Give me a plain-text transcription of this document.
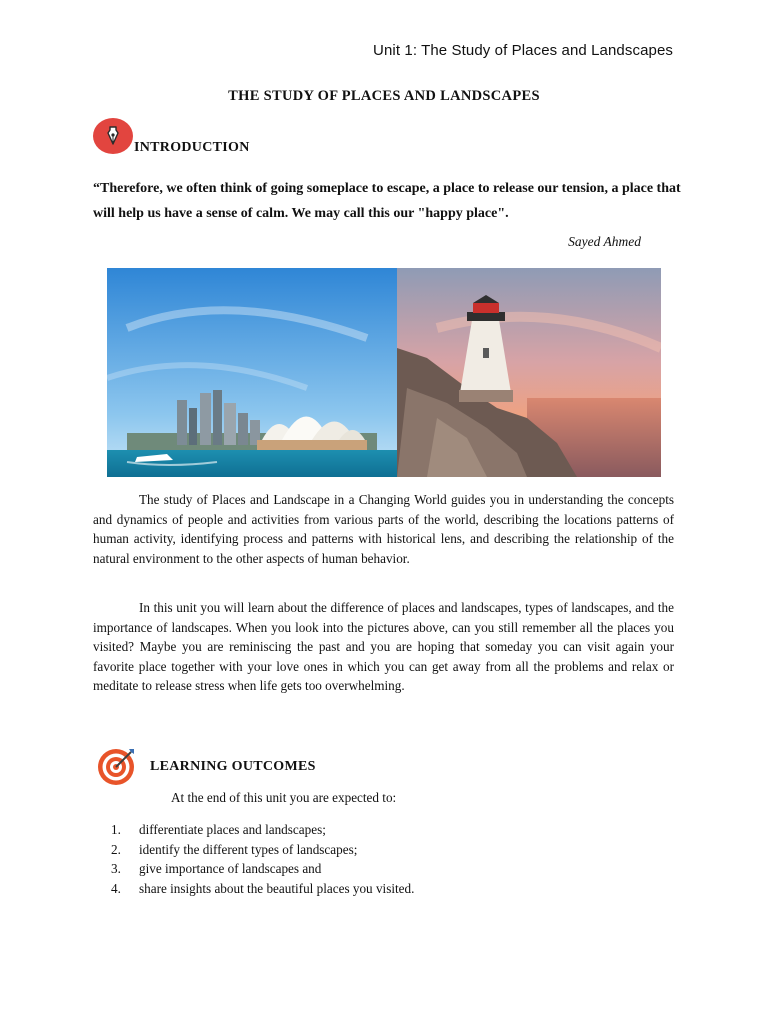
Unit 1: The Study of Places and Landscapes
THE STUDY OF PLACES AND LANDSCAPES
INTRODUCTION
“Therefore, we often think of going someplace to escape, a place to release our tension, a place that will help us have a sense of calm. We may call this our "happy place".
Sayed Ahmed

The study of Places and Landscape in a Changing World guides you in understanding the concepts and dynamics of people and activities from various parts of the world, describing the locations patterns of human activity, identifying process and patterns with historical lens, and describing the relationship of the natural environment to the other aspects of human behavior.

In this unit you will learn about the difference of places and landscapes, types of landscapes, and the importance of landscapes. When you look into the pictures above, can you still remember all the places you visited? Maybe you are reminiscing the past and you are hoping that someday you can visit again your favorite place together with your love ones in which you can get away from all the problems and relax or meditate to release stress when life gets too overwhelming.

LEARNING OUTCOMES
At the end of this unit you are expected to:
1.	differentiate places and landscapes;
2.	identify the different types of landscapes;
3.	give importance of landscapes and
4.	share insights about the beautiful places you visited.
